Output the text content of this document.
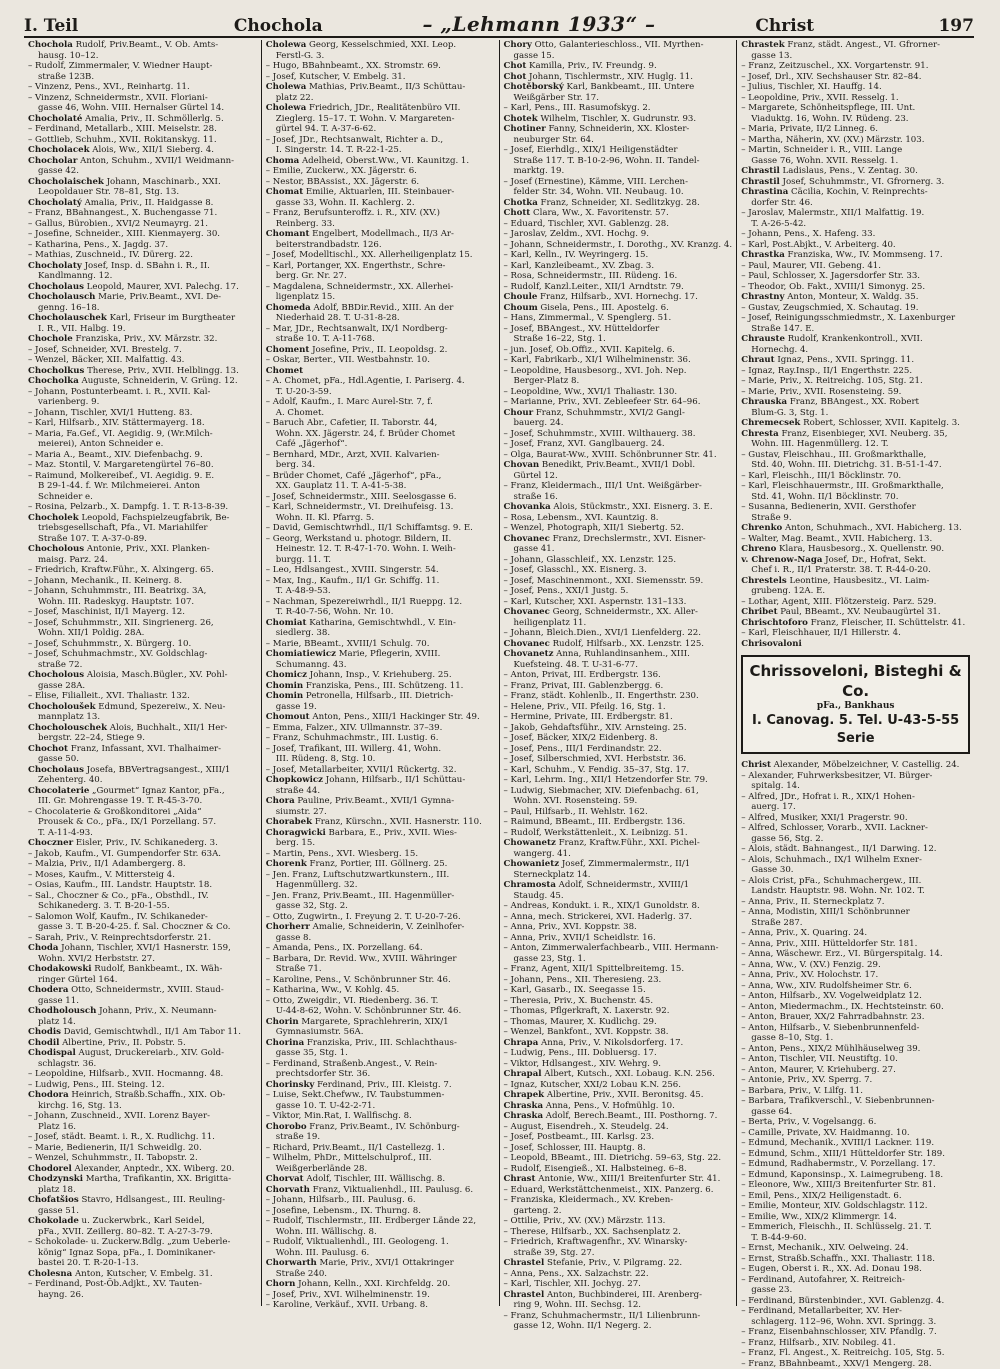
I. Teil	Chochola	– „Lehmann 1933“ –	Christ	197
Chochola Rudolf, Priv.Beamt., V. Ob. Amts-
hausg. 10–12.
– Rudolf, Zimmermaler, V. Wiedner Haupt-
straße 123B.
– Vinzenz, Pens., XVI., Reinhartg. 11.
– Vinzenz, Schneidermstr., XVII. Floriani-
gasse 46, Wohn. VIII. Hernalser Gürtel 14.
Chocholaté Amalia, Priv., II. Schmöllerlg. 5.
– Ferdinand, Metallarb., XIII. Meiselstr. 28.
– Gottlieb, Schuhm., XVII. Rokitanskyg. 11.
Chocholacek Alois, Ww., XII/1 Sieberg. 4.
Chocholar Anton, Schuhm., XVII/1 Weidmann-
gasse 42.
Chocholaischek Johann, Maschinarb., XXI.
Leopoldauer Str. 78–81, Stg. 13.
Chocholatý Amalia, Priv., II. Haidgasse 8.
– Franz, BBahnangest., X. Buchengasse 71.
– Gallus, Bürobien., XVI/2 Neumayrg. 21.
– Josefine, Schneider., XIII. Kienmayerg. 30.
– Katharina, Pens., X. Jagdg. 37.
– Mathias, Zuschneid., IV. Dürerg. 22.
Chocholaty Josef, Insp. d. SBahn i. R., II.
Kandlmanng. 12.
Chocholaus Leopold, Maurer, XVI. Palechg. 17.
Chocholausch Marie, Priv.Beamt., XVI. De-
genng. 16–18.
Chocholauschek Karl, Friseur im Burgtheater
I. R., VII. Halbg. 19.
Chochole Franziska, Priv., XV. Märzstr. 32.
– Josef, Schneider, XVI. Brestelg. 7.
– Wenzel, Bäcker, XII. Malfattig. 43.
Chocholkus Therese, Priv., XVII. Helblingg. 13.
Chocholka Auguste, Schneiderin, V. Grüng. 12.
– Johann, Postunterbeamt. i. R., XVII. Kal-
varienberg. 9.
– Johann, Tischler, XVI/1 Hutteng. 83.
– Karl, Hilfsarb., XIV. Stättermayerg. 18.
– Maria, Fa.Gef., VI. Aegidig. 9, (Wr.Milch-
meierei), Anton Schneider e.
– Maria A., Beamt., XIV. Diefenbachg. 9.
– Maz. Stontil, V. Margaretengürtel 76–80.
– Raimund, Molkereibef., VI. Aegidig. 9. E.
B 29-1-44. f. Wr. Milchmeierei. Anton
Schneider e.
– Rosina, Pelzarb., X. Dampfg. 1. T. R-13-8-39.
Chocholek Leopold, Fachspielzeugfabrik, Be-
triebsgesellschaft, Pfa., VI. Mariahilfer
Straße 107. T. A-37-0-89.
Chocholous Antonie, Priv., XXI. Planken-
maisg. Parz. 24.
– Friedrich, Kraftw.Führ., X. Alxingerg. 65.
– Johann, Mechanik., II. Keinerg. 8.
– Johann, Schuhmmstr., III. Beatrixg. 3A,
Wohn. III. Radeskyg. Hauptstr. 107.
– Josef, Maschinist, II/1 Mayerg. 12.
– Josef, Schuhmmstr., XII. Singrienerg. 26,
Wohn. XII/1 Poldig. 28A.
– Josef, Schuhmmstr., X. Bürgerg. 10.
– Josef, Schuhmachmstr., XV. Goldschlag-
straße 72.
Chocholous Aloisia, Masch.Bügler., XV. Pohl-
gasse 28A.
– Elise, Filialleit., XVI. Thaliastr. 132.
Chocholoušek Edmund, Spezereiw., X. Neu-
mannplatz 13.
Chocholouschek Alois, Buchhalt., XII/1 Her-
bergstr. 22–24, Stiege 9.
Chochot Franz, Infassant, XVI. Thalhaimer-
gasse 50.
Chocholaus Josefa, BBVertragsangest., XIII/1
Zehenterg. 40.
Chocolaterie „Gourmet“ Ignaz Kantor, pFa.,
III. Gr. Mohrengasse 19. T. R-45-3-70.
– Chocolaterie & Großkonditorei „Aida“
Prousek & Co., pFa., IX/1 Porzellang. 57.
T. A-11-4-93.
Choczner Eisler, Priv., IV. Schikanederg. 3.
– Jakob, Kaufm., VI. Gumpendorfer Str. 63A.
– Malzia, Priv., II/1 Adambergerg. 8.
– Moses, Kaufm., V. Mittersteig 4.
– Osias, Kaufm., III. Landstr. Hauptstr. 18.
– Sal., Choczner & Co., pFa., Obsthdl., IV.
Schikanederg. 3. T. B-20-1-55.
– Salomon Wolf, Kaufm., IV. Schikaneder-
gasse 3. T. B-20-4-25. f. Sal. Choczner & Co.
– Sarah, Priv., V. Reinprechtsdorferstr. 21.
Choda Johann, Tischler, XVI/1 Hasnerstr. 159,
Wohn. XVI/2 Herbststr. 27.
Chodakowski Rudolf, Bankbeamt., IX. Wäh-
ringer Gürtel 164.
Chodera Otto, Schneidermstr., XVIII. Staud-
gasse 11.
Chodholousch Johann, Priv., X. Neumann-
platz 14.
Chodis David, Gemischtwhdl., II/1 Am Tabor 11.
Chodil Albertine, Priv., II. Pobstr. 5.
Chodispal August, Druckereiarb., XIV. Gold-
schlagstr. 36.
– Leopoldine, Hilfsarb., XVII. Hocmanng. 48.
– Ludwig, Pens., III. Steing. 12.
Chodora Heinrich, Straßb.Schaffn., XIX. Ob-
kirchg. 16, Stg. 13.
– Johann, Zuschneid., XVII. Lorenz Bayer-
Platz 16.
– Josef, städt. Beamt. i. R., X. Rudlichg. 11.
– Marie, Bedienerin, II/1 Schweidlg. 20.
– Wenzel, Schuhmmstr., II. Tabopstr. 2.
Chodorel Alexander, Anptedr., XX. Wiberg. 20.
Chodzynski Martha, Trafikantin, XX. Brigitta-
platz 18.
Chofatšios Stavro, Hdlsangest., III. Reuling-
gasse 51.
Chokolade u. Zuckerwbrk., Karl Seidel,
pFa., XVII. Zeillerg. 80–82. T. A-27-3-79.
– Schokolade- u. Zuckerw.Bdlg. „zum Ueberle-
könig“ Ignaz Sopa, pFa., I. Dominikaner-
bastei 20. T. R-20-1-13.
Cholesna Anton, Kutscher, V. Embelg. 31.
– Ferdinand, Post-Öb.Adjkt., XV. Tauten-
hayng. 26.
Cholewa Georg, Kesselschmied, XXI. Leop.
Ferstl-G. 3.
– Hugo, BBahnbeamt., XX. Stromstr. 69.
– Josef, Kutscher, V. Embelg. 31.
Cholewa Mathias, Priv.Beamt., II/3 Schüttau-
platz 22.
Cholewa Friedrich, JDr., Realitätenbüro VII.
Zieglerg. 15–17. T. Wohn. V. Margareten-
gürtel 94. T. A-37-6-62.
– Josef, JDr., Rechtsanwalt, Richter a. D.,
I. Singerstr. 14. T. R-22-1-25.
Choma Adelheid, Oberst.Ww., VI. Kaunitzg. 1.
– Emilie, Zuckerw., XX. Jägerstr. 6.
– Nestor, BBAssist., XX. Jägerstr. 6.
Chomat Emilie, Aktuarlen, III. Steinbauer-
gasse 33, Wohn. II. Kachlerg. 2.
– Franz, Berufsunteroffz. i. R., XIV. (XV.)
Reinberg. 33.
Chomant Engelbert, Modellmach., II/3 Ar-
beiterstrandbadstr. 126.
– Josef, Modelltischl., XX. Allerheiligenplatz 15.
– Karl, Portanger, XX. Engerthstr., Schre-
berg. Gr. Nr. 27.
– Magdalena, Schneidermstr., XX. Allerhei-
ligenplatz 15.
Chomeda Adolf, BBDir.Revid., XIII. An der
Niederhaid 28. T. U-31-8-28.
– Mar, JDr., Rechtsanwalt, IX/1 Nordberg-
straße 10. T. A-11-768.
Choment Josefine, Priv., II. Leopoldsg. 2.
– Oskar, Berter., VII. Westbahnstr. 10.
Chomet
– A. Chomet, pFa., Hdl.Agentie, I. Pariserg. 4.
T. U-20-3-59.
– Adolf, Kaufm., I. Marc Aurel-Str. 7, f.
A. Chomet.
– Baruch Abr., Cafetier, II. Taborstr. 44,
Wohn. XX. Jägerstr. 24, f. Brüder Chomet
Café „Jägerhof“.
– Bernhard, MDr., Arzt, XVII. Kalvarien-
berg. 34.
– Brüder Chomet, Café „Jägerhof“, pFa.,
XX. Gauplatz 11. T. A-41-5-38.
– Josef, Schneidermstr., XIII. Seelosgasse 6.
– Karl, Schneidermstr., VI. Dreihufeisg. 13.
Wohn. II. Kl. Pfarrg. 5.
– David, Gemischtwrhdl., II/1 Schiffamtsg. 9. E.
– Georg, Werkstand u. photogr. Bildern, II.
Heinestr. 12. T. R-47-1-70. Wohn. I. Weih-
burgg. 11. T.
– Leo, Hdlsangest., XVIII. Singerstr. 54.
– Max, Ing., Kaufm., II/1 Gr. Schiffg. 11.
T. A-48-9-53.
– Nachman, Spezereiwrhdl., II/1 Rueppg. 12.
T. R-40-7-56, Wohn. Nr. 10.
Chomiat Katharina, Gemischtwhdl., V. Ein-
siedlerg. 38.
– Marie, BBeamt., XVIII/1 Schulg. 70.
Chomiatiewicz Marie, Pflegerin, XVIII.
Schumanng. 43.
Chomicz Johann, Insp., V. Kriehuberg. 25.
Chomin Franziska, Pens., III. Schützeng. 11.
Chomin Petronella, Hilfsarb., III. Dietrich-
gasse 19.
Chomout Anton, Pens., XIII/1 Hackinger Str. 49.
– Emma, Falzer., XIV. Ullmannstr. 37–39.
– Franz, Schuhmachmstr., III. Lustig. 6.
– Josef, Trafikant, III. Willerg. 41, Wohn.
III. Rüdeng. 8, Stg. 10.
– Josef, Metallarbeiter, XVII/1 Rückertg. 32.
Chopkowicz Johann, Hilfsarb., II/1 Schüttau-
straße 44.
Chora Pauline, Priv.Beamt., XVII/1 Gymna-
siumstr. 27.
Chorabek Franz, Kürschn., XVII. Hasnerstr. 110.
Choragwicki Barbara, E., Priv., XVII. Wies-
berg. 15.
– Martin, Pens., XVI. Wiesberg. 15.
Chorenk Franz, Portier, III. Göllnerg. 25.
– Jen. Franz, Luftschutzwartkunstern., III.
Hagenmüllerg. 32.
– Jen. Franz, Priv.Beamt., III. Hagenmüller-
gasse 32, Stg. 2.
– Otto, Zugwirtn., I. Freyung 2. T. U-20-7-26.
Chorherr Amalie, Schneiderin, V. Zeinlhofer-
gasse 8.
– Amanda, Pens., IX. Porzellang. 64.
– Barbara, Dr. Revid. Ww., XVIII. Währinger
Straße 71.
– Karoline, Pens., V. Schönbrunner Str. 46.
– Katharina, Ww., V. Kohlg. 45.
– Otto, Zweigdir., VI. Riedenberg. 36. T.
U-44-8-62, Wohn. V. Schönbrunner Str. 46.
Chorin Margarete, Sprachlehrerin, XIX/1
Gymnasiumstr. 56A.
Chorina Franziska, Priv., III. Schlachthaus-
gasse 35, Stg. 1.
– Ferdinand, Straßenb.Angest., V. Rein-
prechtsdorfer Str. 36.
Chorinsky Ferdinand, Priv., III. Kleistg. 7.
– Luise, Sekt.Chefww., IV. Taubstummen-
gasse 10. T. U-42-2-71.
– Viktor, Min.Rat, I. Wallfischg. 8.
Chorobo Franz, Priv.Beamt., IV. Schönburg-
straße 19.
– Richard, Priv.Beamt., II/1 Castellezg. 1.
– Wilhelm, PhDr., Mittelschulprof., III.
Weißgerberlände 28.
Chorvat Adolf, Tischler, III. Wällischg. 8.
Chorvath Franz, Viktualienhdl., III. Paulusg. 6.
– Johann, Hilfsarb., III. Paulusg. 6.
– Josefine, Lebensm., IX. Thurng. 8.
– Rudolf, Tischlermstr., III. Erdberger Lände 22,
Wohn. III. Wällischg. 8.
– Rudolf, Viktualienhdl., III. Geologeng. 1.
Wohn. III. Paulusg. 6.
Chorwarth Marie, Priv., XVI/1 Ottakringer
Straße 240.
Chorn Johann, Kelln., XXI. Kirchfeldg. 20.
– Josef, Priv., XVI. Wilhelminenstr. 19.
– Karoline, Verkäuf., XVII. Urbang. 8.
Chory Otto, Galanterieschloss., VII. Myrthen-
gasse 15.
Chot Kamilla, Priv., IV. Freundg. 9.
Chot Johann, Tischlermstr., XIV. Huglg. 11.
Chotěborský Karl, Bankbeamt., III. Untere
Weißgärber Str. 17.
– Karl, Pens., III. Rasumofskyg. 2.
Chotek Wilhelm, Tischler, X. Gudrunstr. 93.
Chotiner Fanny, Schneiderin, XX. Kloster-
neuburger Str. 64.
– Josef, Eierhdlg., XIX/1 Heiligenstädter
Straße 117. T. B-10-2-96, Wohn. II. Tandel-
marktg. 19.
– Josef (Ernestine), Kämme, VIII. Lerchen-
felder Str. 34, Wohn. VII. Neubaug. 10.
Chotka Franz, Schneider, XI. Sedlitzkyg. 28.
Chott Clara, Ww., X. Favoritenstr. 57.
– Eduard, Tischler, XVI. Gablenzg. 28.
– Jaroslav, Zeldm., XVI. Hochg. 9.
– Johann, Schneidermstr., I. Dorothg., XV. Kranzg. 4.
– Karl, Kelln., IV. Weyringerg. 15.
– Karl, Kanzleibeamt., XV. Zbag. 3.
– Rosa, Schneidermstr., III. Rüdeng. 16.
– Rudolf, Kanzl.Leiter., XII/1 Arndtstr. 79.
Choule Franz, Hilfsarb., XVI. Hornechg. 17.
Choum Gisela, Pens., III. Apostelg. 6.
– Hans, Zimmermal., V. Spenglerg. 51.
– Josef, BBAngest., XV. Hütteldorfer
Straße 16–22, Stg. 1.
– jun. Josef, Ob.Offiz., XVII. Kapitelg. 6.
– Karl, Fabrikarb., XI/1 Wilhelminenstr. 36.
– Leopoldine, Hausbesorg., XVI. Joh. Nep.
Berger-Platz 8.
– Leopoldine, Ww., XVI/1 Thaliastr. 130.
– Marianne, Priv., XVI. Zebleefeer Str. 64–96.
Chour Franz, Schuhmmstr., XVI/2 Gangl-
bauerg. 24.
– Josef, Schuhmmstr., XVIII. Wilthauerg. 38.
– Josef, Franz, XVI. Ganglbauerg. 24.
– Olga, Baurat-Ww., XVIII. Schönbrunner Str. 41.
Chovan Benedikt, Priv.Beamt., XVII/1 Dobl.
Gürtel 12.
– Franz, Kleidermach., III/1 Unt. Weißgärber-
straße 16.
Chovanka Alois, Stückmstr., XXI. Eisnerg. 3. E.
– Rosa, Lebensm., XVI. Kauntzig. 8.
– Wenzel, Photograph, XII/1 Siebertg. 52.
Chovanec Franz, Drechslermstr., XVI. Eisner-
gasse 41.
– Johann, Glasschleif., XX. Lenzstr. 125.
– Josef, Glasschl., XX. Eisnerg. 3.
– Josef, Maschinenmont., XXI. Siemensstr. 59.
– Josef, Pens., XXI/1 Justg. 5.
– Karl, Kutscher, XXI. Aspernstr. 131–133.
Chovanec Georg, Schneidermstr., XX. Aller-
heiligenplatz 11.
– Johann, Bleich.Dien., XVI/1 Lienfelderg. 22.
Chovanec Rudolf, Hilfsarb., XX. Lenzstr. 125.
Chovanetz Anna, Ruhlandinsanhem., XIII.
Kuefsteing. 48. T. U-31-6-77.
– Anton, Privat, III. Erdbergstr. 136.
– Franz, Privat, III. Gablenzbergg. 6.
– Franz, städt. Kohlenlb., II. Engerthstr. 230.
– Helene, Priv., VII. Pfeilg. 16, Stg. 1.
– Hermine, Private, III. Erdbergstr. 81.
– Jakob, Gehdaftsführ., XIV. Arnsteing. 25.
– Josef, Bäcker, XIX/2 Eidenberg. 8.
– Josef, Pens., III/1 Ferdinandstr. 22.
– Josef, Silberschmied, XVI. Herbststr. 36.
– Karl, Schuhm., V. Fendig. 35–37, Stg. 17.
– Karl, Lehrm. Ing., XII/1 Hetzendorfer Str. 79.
– Ludwig, Siebmacher, XIV. Diefenbachg. 61,
Wohn. XVI. Rosensteing. 59.
– Paul, Hilfsarb., II. Wehlstr. 162.
– Raimund, BBeamt., III. Erdbergstr. 136.
– Rudolf, Werkstättenleit., X. Leibnizg. 51.
Chowanetz Franz, Kraftw.Führ., XXI. Pichel-
wangerg. 41.
Chowanietz Josef, Zimmermalermstr., II/1
Sterneckplatz 14.
Chramosta Adolf, Schneidermstr., XVIII/1
Staudg. 45.
– Andreas, Kondukt. i. R., XIX/1 Gunoldstr. 8.
– Anna, mech. Strickerei, XVI. Haderlg. 37.
– Anna, Priv., XVI. Koppstr. 38.
– Anna, Priv., XVII/1 Scheidlstr. 16.
– Anton, Zimmerwalerfachbearb., VIII. Hermann-
gasse 23, Stg. 1.
– Franz, Agent, XII/1 Spittelbreitemg. 15.
– Johann, Pens., XII. Theresieng. 23.
– Karl, Gasarb., IX. Seegasse 15.
– Theresia, Priv., X. Buchenstr. 45.
– Thomas, Pflgerkraft, X. Laxerstr. 92.
– Thomas, Maurer, X. Kudlichg. 29.
– Wenzel, Bankfont., XVI. Koppstr. 38.
Chrapa Anna, Priv., V. Nikolsdorferg. 17.
– Ludwig, Pens., III. Dobluersg. 17.
– Viktor, Hdlsangest., XIV. Wehrg. 9.
Chrapal Albert, Kutsch., XXI. Lobaug. K.N. 256.
– Ignaz, Kutscher, XXI/2 Lobau K.N. 256.
Chrapek Albertine, Priv., XVII. Beronitsg. 45.
Chraska Anna, Pens., V. Hofmühlg. 10.
Chraska Adolf, Berech.Beamt., III. Posthorng. 7.
– August, Eisendreh., X. Steudelg. 24.
– Josef, Postbeamt., III. Karlsg. 23.
– Josef, Schlosser, III. Hauptg. 8.
– Leopold, BBeamt., III. Dietrichg. 59–63, Stg. 22.
– Rudolf, Eisengieß., XI. Halbsteineg. 6–8.
Chrast Antonie, Ww., XIII/1 Breitenfurter Str. 41.
– Eduard, Werkstättchenmeist., XIX. Panzerg. 6.
– Franziska, Kleidermach., XV. Kreben-
garteng. 2.
– Ottilie, Priv., XV. (XV.) Märzstr. 113.
– Therese, Hilfsarb., XX. Sachsenplatz 2.
– Friedrich, Kraftwagenfhr., XV. Winarsky-
straße 39, Stg. 27.
Chrastel Stefanie, Priv., V. Pilgramg. 22.
– Anna, Pens., XX. Salzachstr. 22.
– Karl, Tischler, XII. Jochyg. 27.
Chrastel Anton, Buchbinderei, III. Arenberg-
ring 9, Wohn. III. Sechsg. 12.
– Franz, Schuhmachermstr., II/1 Lilienbrunn-
gasse 12, Wohn. II/1 Negerg. 2.
Chrastek Franz, städt. Angest., VI. Gfrorner-
gasse 13.
– Franz, Zeitzuschel., XX. Vorgartenstr. 91.
– Josef, Drl., XIV. Sechshauser Str. 82–84.
– Julius, Tischler, XI. Hauffg. 14.
– Leopoldine, Priv., XVII. Resselg. 1.
– Margarete, Schönheitspflege, III. Unt.
Viaduktg. 16, Wohn. IV. Rüdeng. 23.
– Maria, Private, II/2 Linneg. 6.
– Martha, Näherin, XV. (XV.) Märzstr. 103.
– Martin, Schneider i. R., VIII. Lange
Gasse 76, Wohn. XVII. Resselg. 1.
Chrastil Ladislaus, Pens., V. Zentag. 30.
Chrastil Josef, Schuhmmstr., VI. Gfrornerg. 3.
Chrastina Cäcilia, Kochin, V. Reinprechts-
dorfer Str. 46.
– Jaroslav, Malermstr., XII/1 Malfattig. 19.
T. A-26-5-42.
– Johann, Pens., X. Hafeng. 33.
– Karl, Post.Abjkt., V. Arbeiterg. 40.
Chrastka Franziska, Ww., IV. Mommseng. 17.
– Paul, Maurer, VII. Gebeng. 41.
– Paul, Schlosser, X. Jagersdorfer Str. 33.
– Theodor, Ob. Fakt., XVIII/1 Simonyg. 25.
Chrastny Anton, Monteur, X. Waldg. 35.
– Gustav, Zeugschmied, X. Schautag. 19.
– Josef, Reinigungsschmiedmstr., X. Laxenburger
Straße 147. E.
Chrauste Rudolf, Krankenkontroll., XVII.
Hornechg. 4.
Chraut Ignaz, Pens., XVII. Springg. 11.
– Ignaz, Ray.Insp., II/1 Engerthstr. 225.
– Marie, Priv., X. Reitreichg. 105, Stg. 21.
– Marie, Priv., XVII. Rosensteing. 59.
Chrauska Franz, BBAngest., XX. Robert
Blum-G. 3, Stg. 1.
Chremecsek Robert, Schlosser, XVII. Kapitelg. 3.
Chresta Franz, Eisenbieger, XVI. Neuberg. 35,
Wohn. III. Hagenmüllerg. 12. T.
– Gustav, Fleischhau., III. Großmarkthalle,
Std. 40, Wohn. III. Dietrichg. 31. B-51-1-47.
– Karl, Fleischh., III/1 Böcklinstr. 70.
– Karl, Fleischhauermstr., III. Großmarkthalle,
Std. 41, Wohn. II/1 Böcklinstr. 70.
– Susanna, Bedienerin, XVII. Gersthofer
Straße 9.
Chrenko Anton, Schuhmach., XVI. Habicherg. 13.
– Walter, Mag. Beamt., XVII. Habicherg. 13.
Chreno Klara, Hausbesorg., X. Quellenstr. 90.
v. Chrenow-Naga Josef, Dr., Hofrat, Sekt.
Chef i. R., II/1 Praterstr. 38. T. R-44-0-20.
Chrestels Leontine, Hausbesitz., VI. Laim-
grubeng. 12A. E.
– Lothar, Agent, XIII. Flötzersteig. Parz. 529.
Chribet Paul, BBeamt., XV. Neubaugürtel 31.
Chrischtoforo Franz, Fleischer, II. Schüttelstr. 41.
– Karl, Fleischhauer, II/1 Hillerstr. 4.
Chrisovaloni
Chrissoveloni, Bisteghi & Co.
pFa., Bankhaus
I. Canovag. 5. Tel. U-43-5-55 Serie
Christ Alexander, Möbelzeichner, V. Castellig. 24.
– Alexander, Fuhrwerksbesitzer, VI. Bürger-
spitalg. 14.
– Alfred, JDr., Hofrat i. R., XIX/1 Hohen-
auerg. 17.
– Alfred, Musiker, XXI/1 Pragerstr. 90.
– Alfred, Schlosser, Vorarb., XVII. Lackner-
gasse 56, Stg. 2.
– Alois, städt. Bahnangest., II/1 Darwing. 12.
– Alois, Schuhmach., IX/1 Wilhelm Exner-
Gasse 30.
– Alois Crist, pFa., Schuhmachergew., III.
Landstr. Hauptstr. 98. Wohn. Nr. 102. T.
– Anna, Priv., II. Sterneckplatz 7.
– Anna, Modistin, XIII/1 Schönbrunner
Straße 287.
– Anna, Priv., X. Quaring. 24.
– Anna, Priv., XIII. Hütteldorfer Str. 181.
– Anna, Wäschewr. Erz., VI. Bürgerspitalg. 14.
– Anna, Ww., V. (XV.) Fenzig. 29.
– Anna, Priv., XV. Holochstr. 17.
– Anna, Ww., XIV. Rudolfsheimer Str. 6.
– Anton, Hilfsarb., XV. Vogelweidplatz 12.
– Anton, Miedermachm., IX. Hechtsteinstr. 60.
– Anton, Brauer, XX/2 Fahrradbahnstr. 23.
– Anton, Hilfsarb., V. Siebenbrunnenfeld-
gasse 8–10, Stg. 1.
– Anton, Pens., XIX/2 Mühlhäuselweg 39.
– Anton, Tischler, VII. Neustiftg. 10.
– Anton, Maurer, V. Kriehuberg. 27.
– Antonie, Priv., XV. Sperrg. 7.
– Barbara, Priv., V. Lilfg. 11.
– Barbara, Trafikverschl., V. Siebenbrunnen-
gasse 64.
– Berta, Priv., V. Vogelsangg. 6.
– Camille, Private, XV. Haidmanng. 10.
– Edmund, Mechanik., XVIII/1 Lackner. 119.
– Edmund, Schm., XIII/1 Hütteldorfer Str. 189.
– Edmund, Radhabermstr., V. Porzellang. 17.
– Edmund, Kaponsinsp., X. Laimegrubeng. 18.
– Eleonore, Ww., XIII/3 Breitenfurter Str. 81.
– Emil, Pens., XIX/2 Heiligenstadt. 6.
– Emilie, Monteur, XIV. Goldschlagstr. 112.
– Emilie, Ww., XIX/2 Klimmergr. 14.
– Emmerich, Fleischh., II. Schlüsselg. 21. T.
T. B-44-9-60.
– Ernst, Mechanik., XIV. Oelweing. 24.
– Ernst, Straßb.Schaffn., XXI. Thaliastr. 118.
– Eugen, Oberst i. R., XX. Ad. Donau 198.
– Ferdinand, Autofahrer, X. Reitreich-
gasse 23.
– Ferdinand, Bürstenbinder., XVI. Gablenzg. 4.
– Ferdinand, Metallarbeiter, XV. Her-
schlagerg. 112–96, Wohn. XVI. Springg. 3.
– Franz, Eisenbahnschlosser, XIV. Pfandlg. 7.
– Franz, Hilfsarb., XIV. Nobileg. 41.
– Franz, Fl. Angest., X. Reitreichg. 105, Stg. 5.
– Franz, BBahnbeamt., XXV/1 Mengerg. 28.
